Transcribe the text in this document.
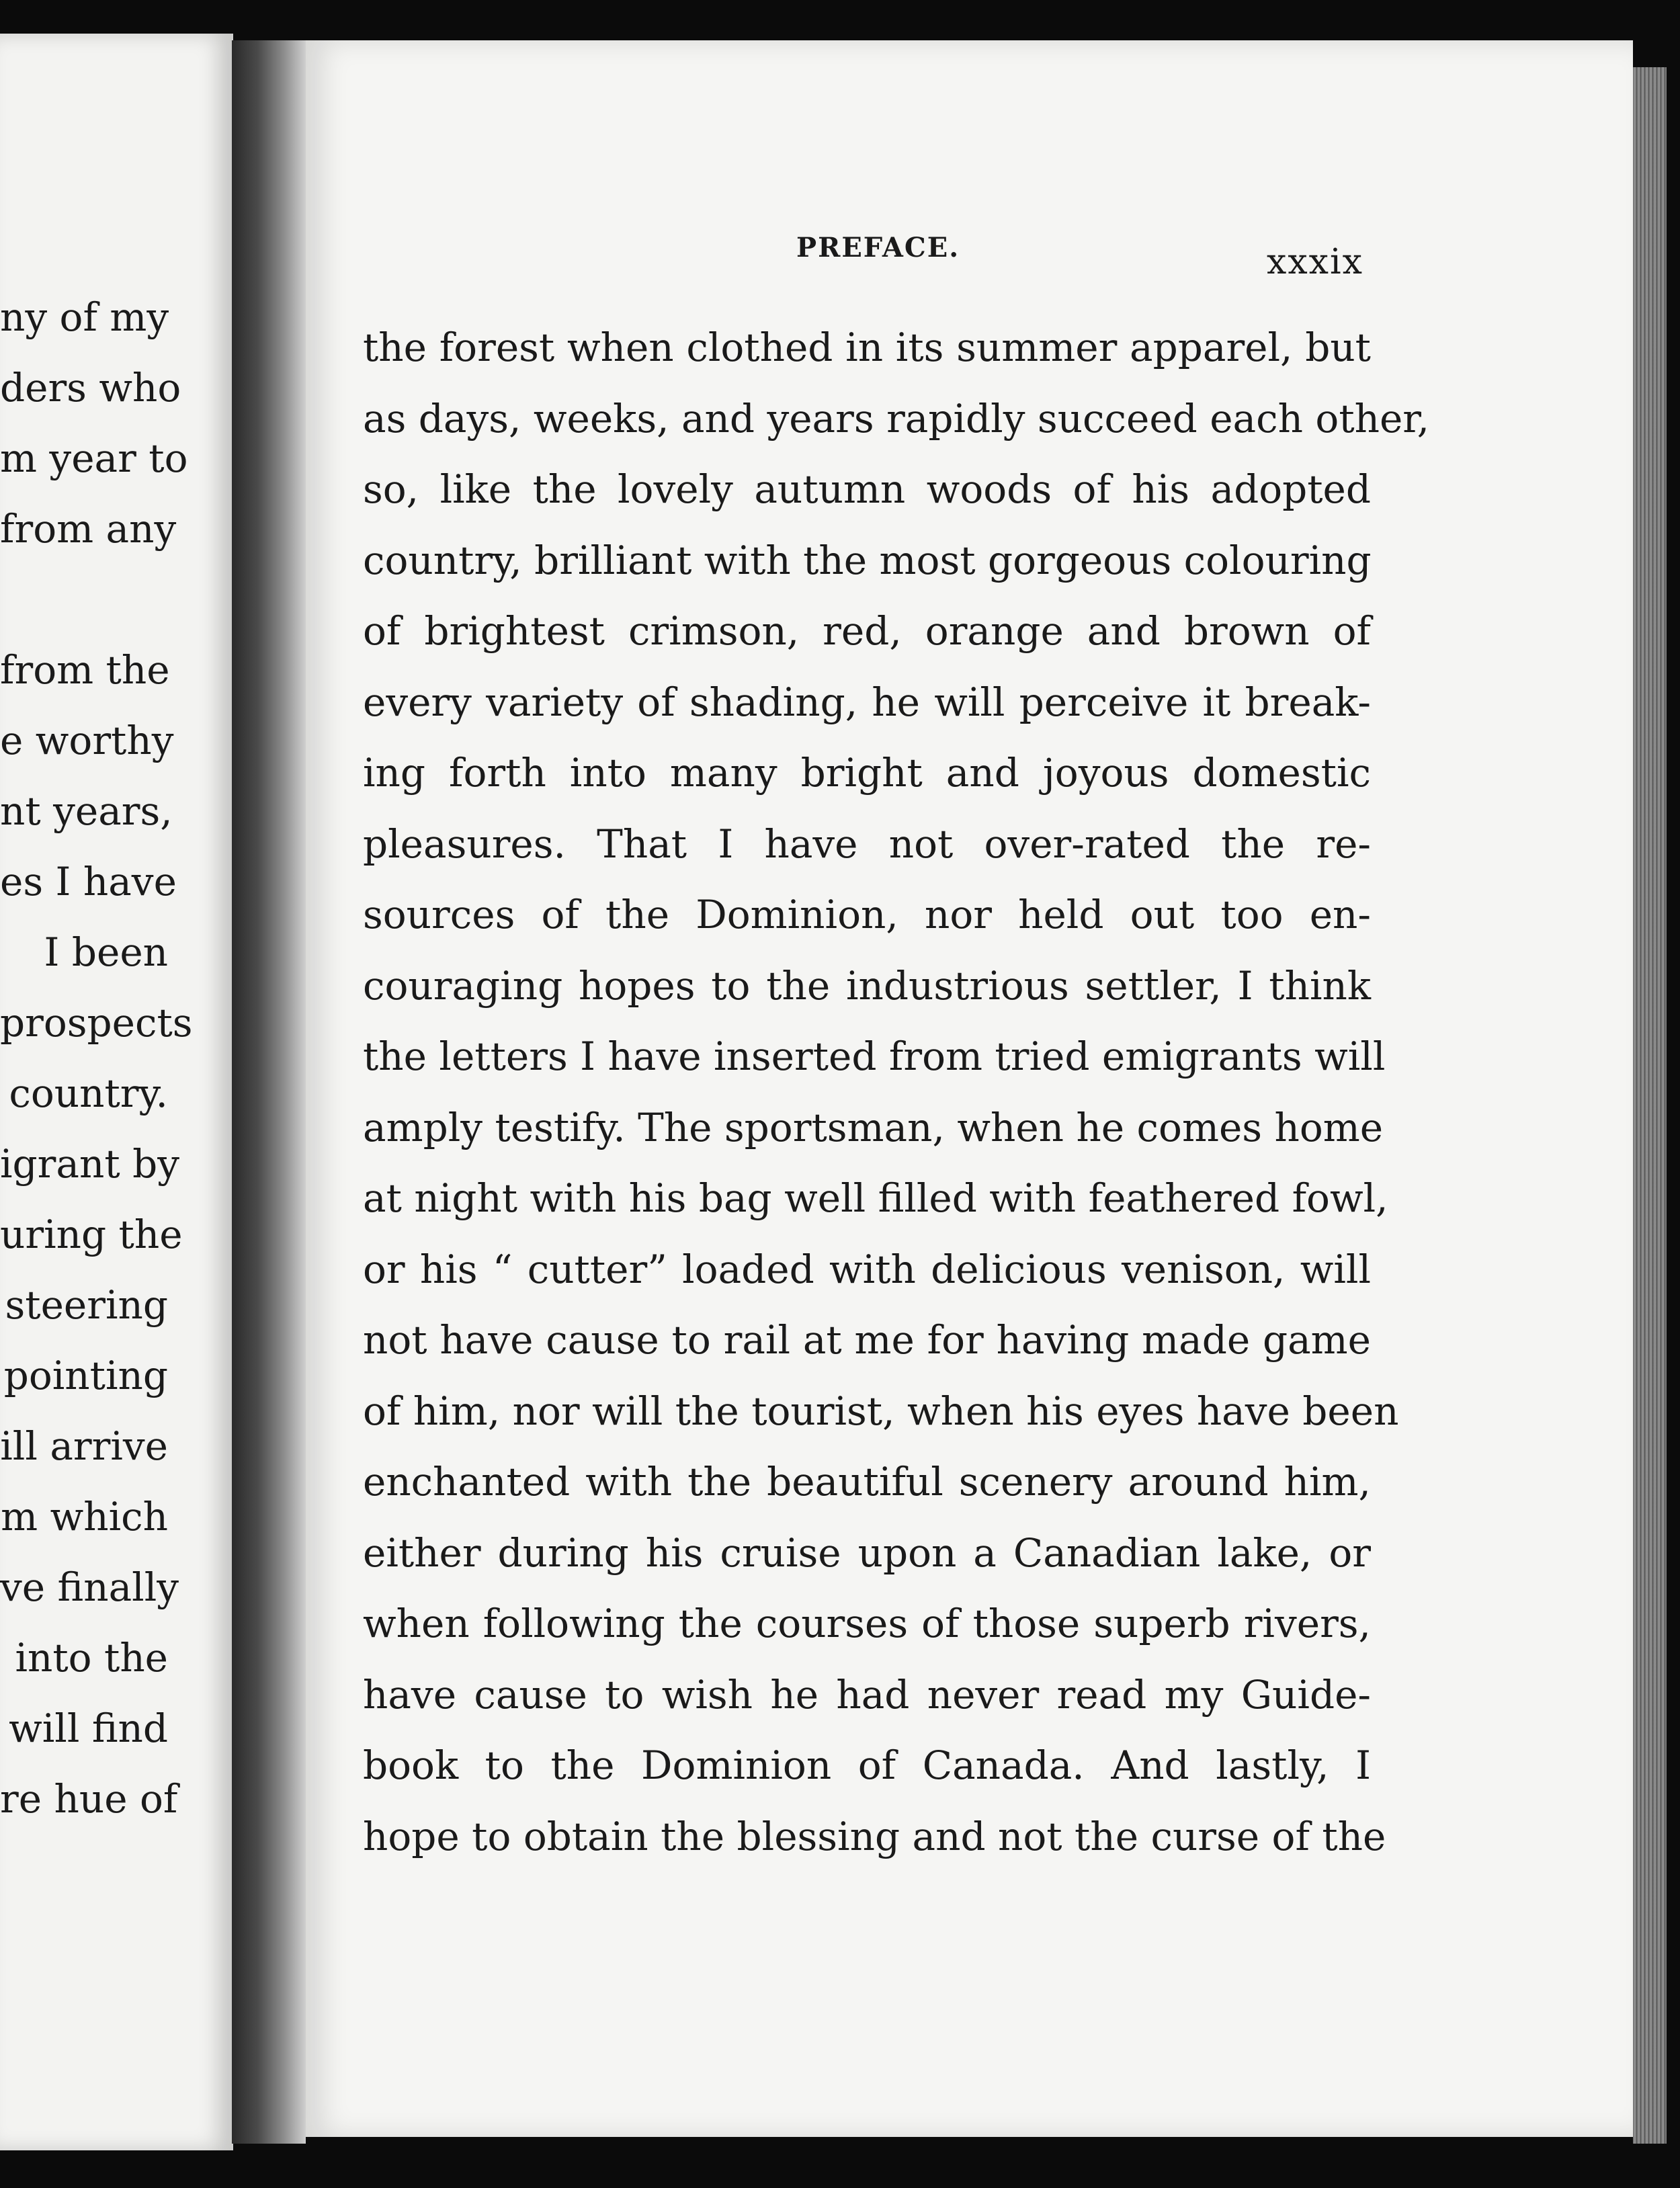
ny of my
ders who
m year to
from any
from the
e worthy
nt years,
es I have
I been
prospects
country.
igrant by
uring the
steering
pointing
ill arrive
m which
ve finally
into the
will find
re hue of
PREFACE.	xxxix
the forest when clothed in its summer apparel, but
as days, weeks, and years rapidly succeed each other,
so, like the lovely autumn woods of his adopted
country, brilliant with the most gorgeous colouring
of brightest crimson, red, orange and brown of
every variety of shading, he will perceive it break-
ing forth into many bright and joyous domestic
pleasures. That I have not over-rated the re-
sources of the Dominion, nor held out too en-
couraging hopes to the industrious settler, I think
the letters I have inserted from tried emigrants will
amply testify. The sportsman, when he comes home
at night with his bag well filled with feathered fowl,
or his “ cutter” loaded with delicious venison, will
not have cause to rail at me for having made game
of him, nor will the tourist, when his eyes have been
enchanted with the beautiful scenery around him,
either during his cruise upon a Canadian lake, or
when following the courses of those superb rivers,
have cause to wish he had never read my Guide-
book to the Dominion of Canada. And lastly, I
hope to obtain the blessing and not the curse of the
